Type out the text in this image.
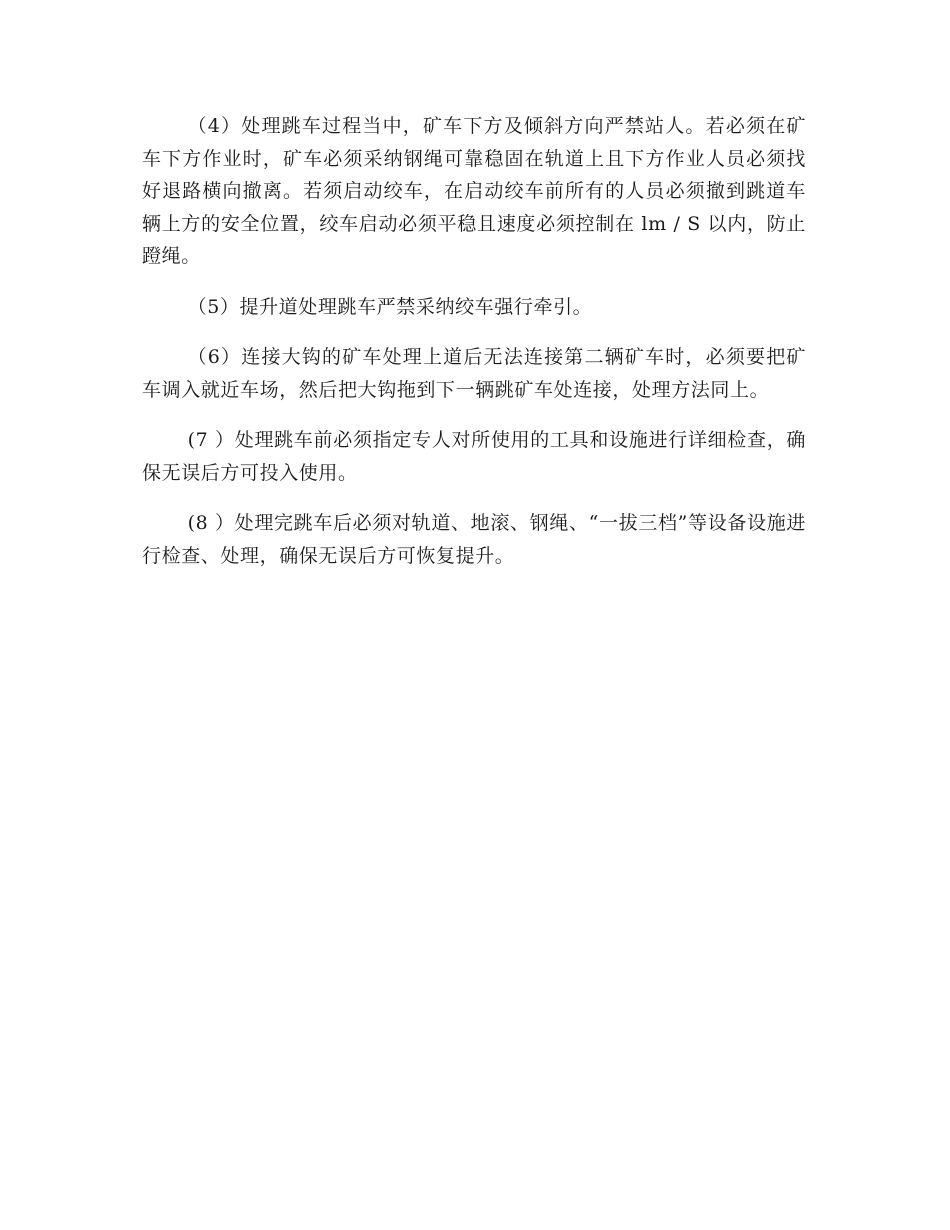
（4）处理跳车过程当中，矿车下方及倾斜方向严禁站人。若必须在矿车下方作业时，矿车必须采纳钢绳可靠稳固在轨道上且下方作业人员必须找好退路横向撤离。若须启动绞车，在启动绞车前所有的人员必须撤到跳道车辆上方的安全位置，绞车启动必须平稳且速度必须控制在 lm / S 以内，防止蹬绳。

（5）提升道处理跳车严禁采纳绞车强行牵引。

（6）连接大钩的矿车处理上道后无法连接第二辆矿车时，必须要把矿车调入就近车场，然后把大钩拖到下一辆跳矿车处连接，处理方法同上。

(7 ）处理跳车前必须指定专人对所使用的工具和设施进行详细检查，确保无误后方可投入使用。

(8 ）处理完跳车后必须对轨道、地滚、钢绳、“一拔三档”等设备设施进行检查、处理，确保无误后方可恢复提升。
